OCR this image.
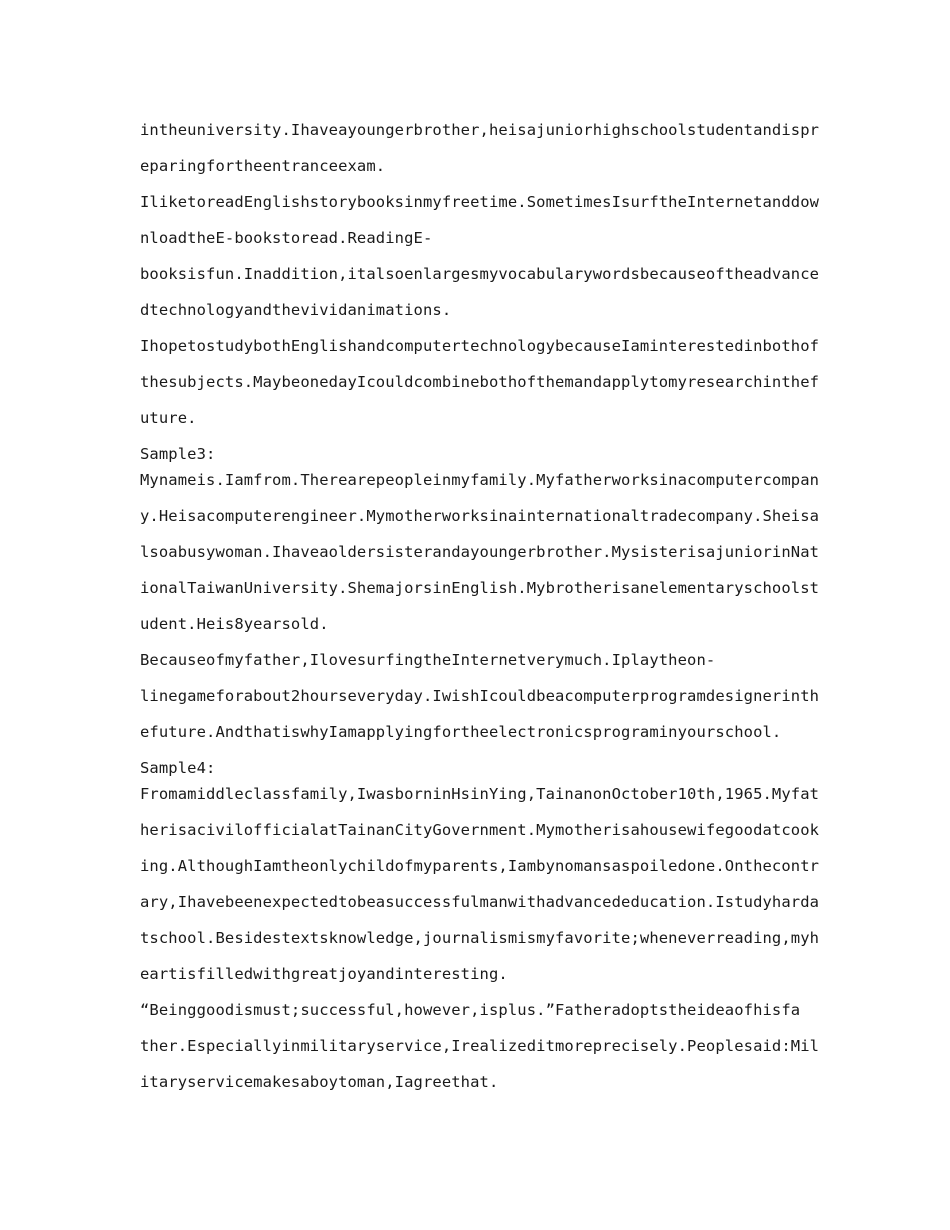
intheuniversity.Ihaveayoungerbrother,heisajuniorhighschoolstudentandispr
eparingfortheentranceexam.
IliketoreadEnglishstorybooksinmyfreetime.SometimesIsurftheInternetanddow
nloadtheE-bookstoread.ReadingE-
booksisfun.Inaddition,italsoenlargesmyvocabularywordsbecauseoftheadvance
dtechnologyandthevividanimations.
IhopetostudybothEnglishandcomputertechnologybecauseIaminterestedinbothof
thesubjects.MaybeonedayIcouldcombinebothofthemandapplytomyresearchinthef
uture.
Sample3:
Mynameis.Iamfrom.Therearepeopleinmyfamily.Myfatherworksinacomputercompan
y.Heisacomputerengineer.Mymotherworksinainternationaltradecompany.Sheisa
lsoabusywoman.Ihaveaoldersisterandayoungerbrother.MysisterisajuniorinNat
ionalTaiwanUniversity.ShemajorsinEnglish.Mybrotherisanelementaryschoolst
udent.Heis8yearsold.
Becauseofmyfather,IlovesurfingtheInternetverymuch.Iplaytheon-
linegameforabout2hourseveryday.IwishIcouldbeacomputerprogramdesignerinth
efuture.AndthatiswhyIamapplyingfortheelectronicsprograminyourschool.
Sample4:
Fromamiddleclassfamily,IwasborninHsinYing,TainanonOctober10th,1965.Myfat
herisacivilofficialatTainanCityGovernment.Mymotherisahousewifegoodatcook
ing.AlthoughIamtheonlychildofmyparents,Iambynomansaspoiledone.Onthecontr
ary,Ihavebeenexpectedtobeasuccessfulmanwithadvancededucation.Istudyharda
tschool.Besidestextsknowledge,journalismismyfavorite;wheneverreading,myh
eartisfilledwithgreatjoyandinteresting.
“Beinggoodismust;successful,however,isplus.”Fatheradoptstheideaofhisfa
ther.Especiallyinmilitaryservice,Irealizeditmoreprecisely.Peoplesaid:Mil
itaryservicemakesaboytoman,Iagreethat.
